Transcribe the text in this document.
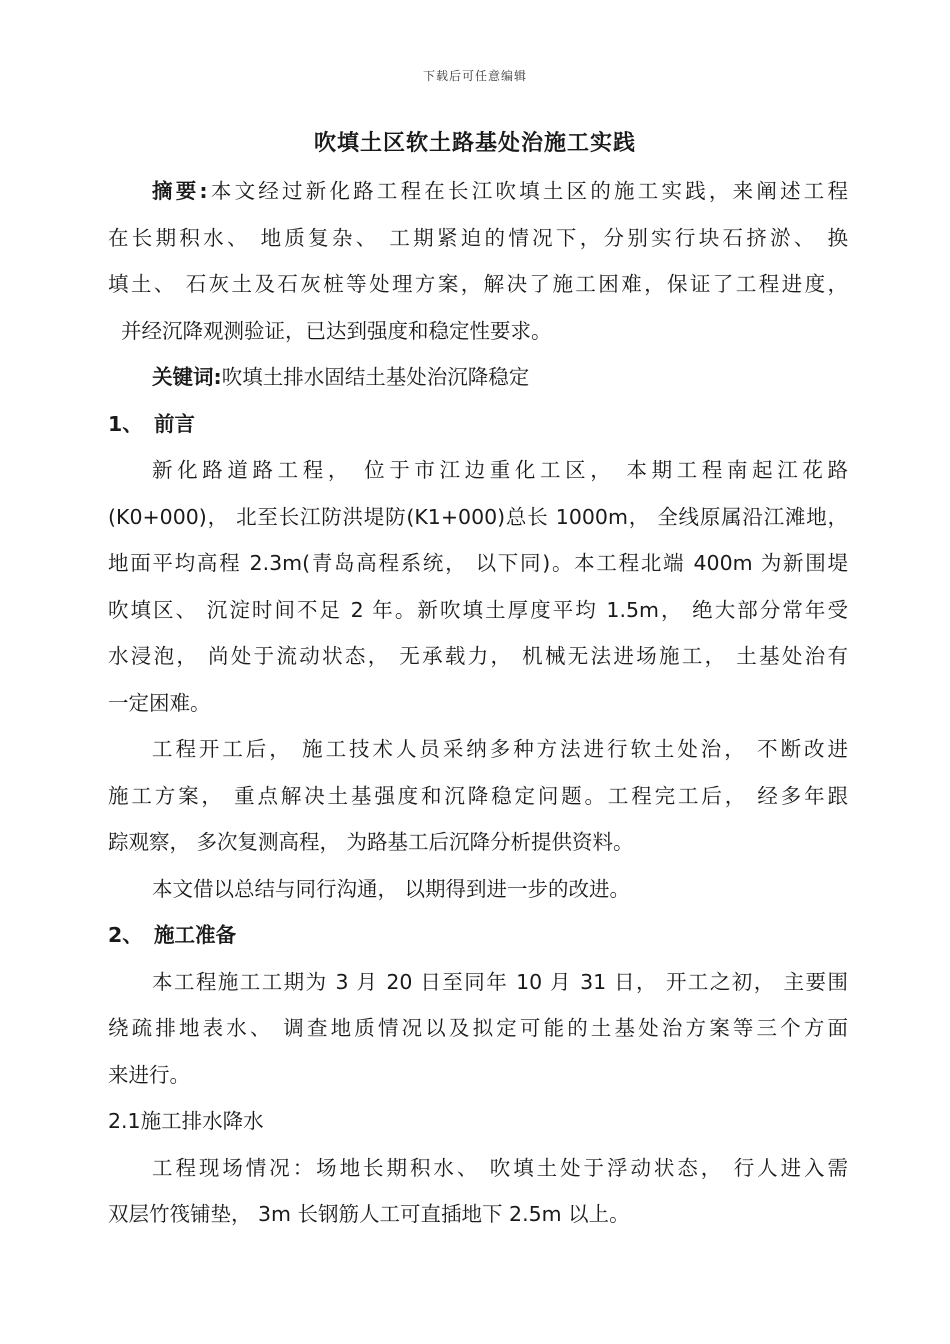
下载后可任意编辑
吹填土区软土路基处治施工实践
摘要:本文经过新化路工程在长江吹填土区的施工实践，来阐述工程
在长期积水、 地质复杂、 工期紧迫的情况下，分别实行块石挤淤、 换
填土、 石灰土及石灰桩等处理方案，解决了施工困难，保证了工程进度，
并经沉降观测验证，已达到强度和稳定性要求。
关键词:吹填土排水固结土基处治沉降稳定
1、 前言
新化路道路工程， 位于市江边重化工区， 本期工程南起江花路
(K0+000)， 北至长江防洪堤防(K1+000)总长 1000m， 全线原属沿江滩地，
地面平均高程 2.3m(青岛高程系统， 以下同)。本工程北端 400m 为新围堤
吹填区、 沉淀时间不足 2 年。新吹填土厚度平均 1.5m， 绝大部分常年受
水浸泡， 尚处于流动状态， 无承载力， 机械无法进场施工， 土基处治有
一定困难。
工程开工后， 施工技术人员采纳多种方法进行软土处治， 不断改进
施工方案， 重点解决土基强度和沉降稳定问题。工程完工后， 经多年跟
踪观察， 多次复测高程， 为路基工后沉降分析提供资料。
本文借以总结与同行沟通， 以期得到进一步的改进。
2、 施工准备
本工程施工工期为 3 月 20 日至同年 10 月 31 日， 开工之初， 主要围
绕疏排地表水、 调查地质情况以及拟定可能的土基处治方案等三个方面
来进行。
2.1施工排水降水
工程现场情况：场地长期积水、 吹填土处于浮动状态， 行人进入需
双层竹筏铺垫， 3m 长钢筋人工可直插地下 2.5m 以上。
